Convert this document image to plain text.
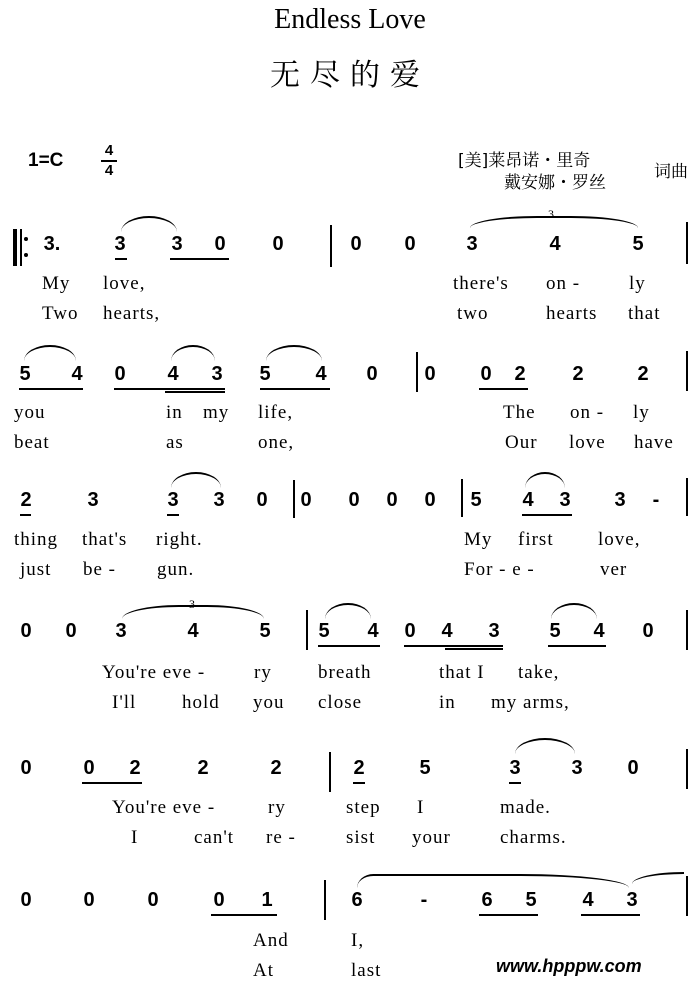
Endless Love
无尽的爱
1=C	4
4	[美]莱昂诺・里奇
戴安娜・罗丝
词曲
3.	3 3 0 0	0 0	3	4	5
3
My love,	there's on -	ly
Two hearts,	two	hearts that
5 4 0 4 3 5 4 0 0 0 2 2	2
you	in my life,	The on - ly
beat	as	one,	Our love have
2	3	3 3 0 0 0 0 0 5 4 3 3	-
thing that's right.	My first love,
just be - gun.	For - e -	ver
0 0 3	4	5
3
5 4 0 4 3 5 4 0
You're eve -	ry breath	that I take,
I'll hold you close	in my arms,
0	0 2	2	2	2	5	3	3 0
You're eve -	ry	step I	made.
I	can't re -	sist your	charms.
0	0	0	0 1	6	-	6 5 4 3
And	I,
At	last	www.hpppw.com
